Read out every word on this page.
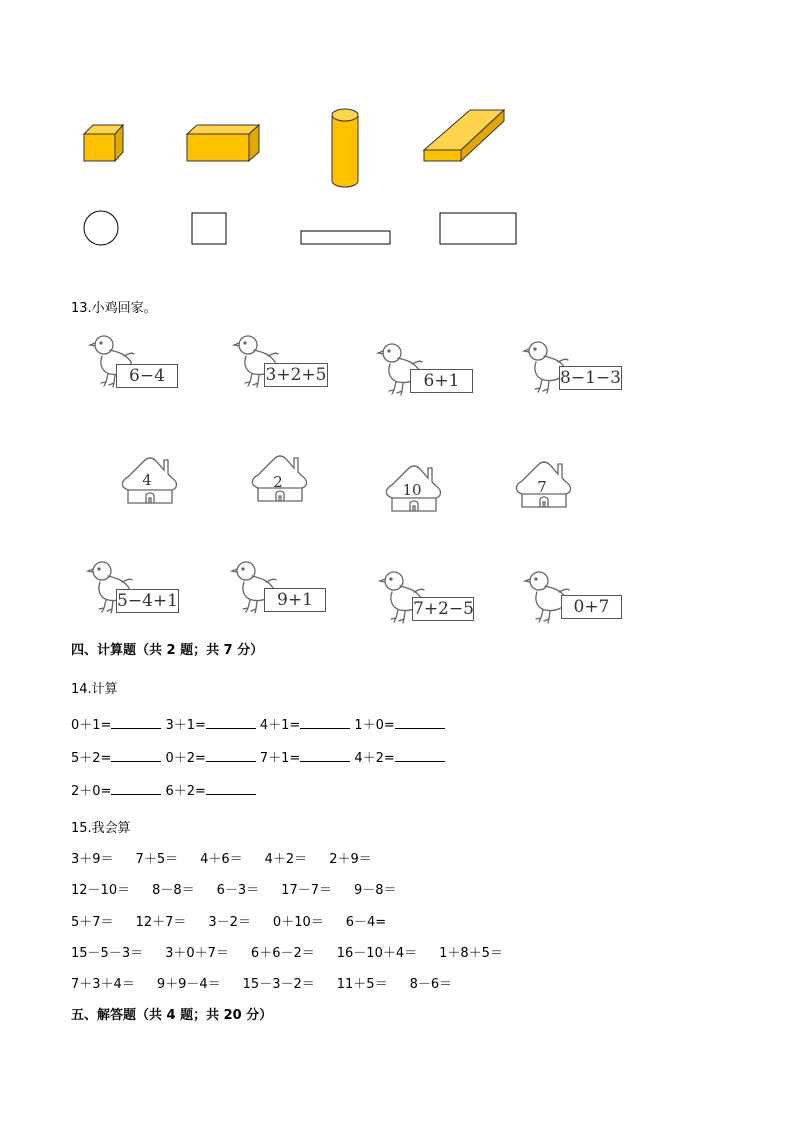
13.小鸡回家。
6−4	3+2+5	6+1	8−1−3
4	2	10	7
5−4+1	9+1	7+2−5	0+7
四、计算题（共 2 题；共 7 分）
14.计算
0＋1=	3＋1=	4＋1=	1＋0=
5＋2=	0＋2=	7＋1=	4＋2=
2＋0=	6＋2=
15.我会算
3＋9＝ 7＋5＝ 4＋6＝ 4＋2＝ 2＋9＝
12－10＝ 8－8＝ 6－3＝ 17－7＝ 9－8＝
5＋7＝ 12＋7＝ 3－2＝ 0＋10＝ 6－4=
15－5－3＝ 3＋0＋7＝ 6＋6－2＝ 16－10＋4＝ 1＋8＋5＝
7＋3＋4＝ 9＋9－4＝ 15－3－2＝ 11＋5＝ 8－6＝
五、解答题（共 4 题；共 20 分）
